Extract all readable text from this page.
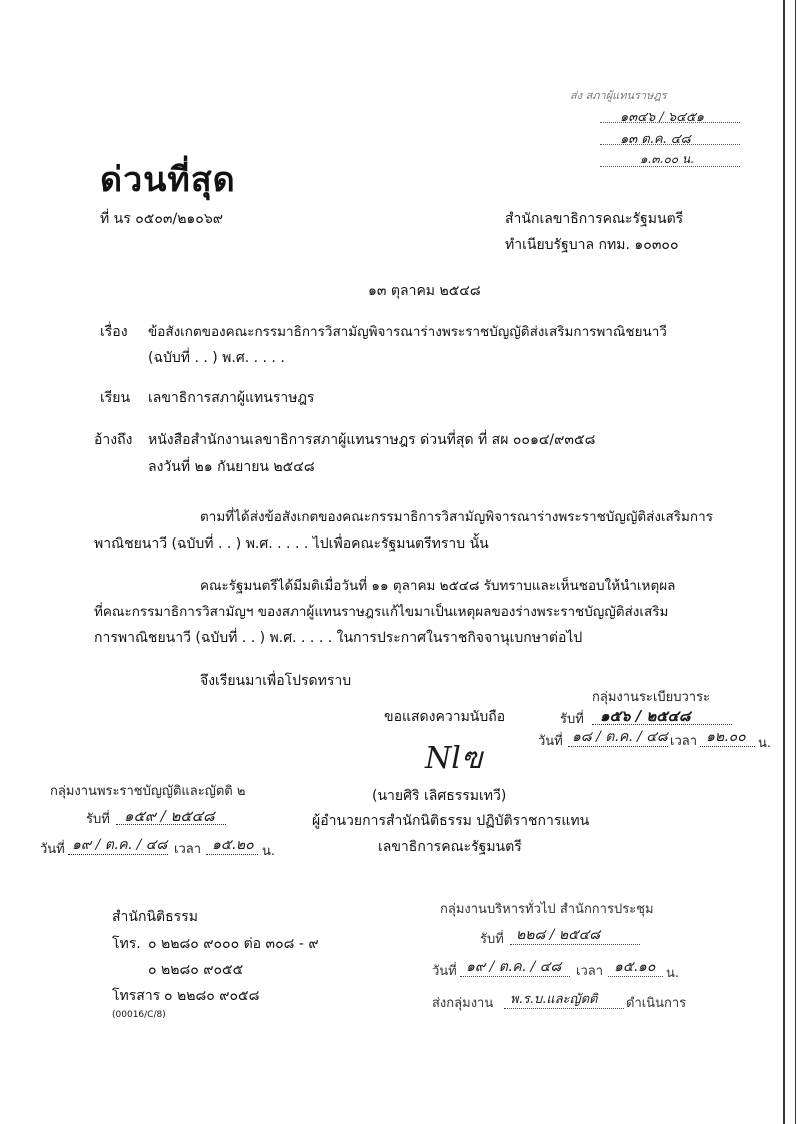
ส่ง สภาผู้แทนราษฎร
๑๓๔๖ / ๖๔๕๑
๑๓ ต.ค. ๔๘
๑.๓.๐๐ น.
ด่วนที่สุด
ที่ นร ๐๕๐๓/๒๑๐๖๙	สำนักเลขาธิการคณะรัฐมนตรี
ทำเนียบรัฐบาล กทม. ๑๐๓๐๐
๑๓ ตุลาคม ๒๕๔๘
เรื่อง ข้อสังเกตของคณะกรรมาธิการวิสามัญพิจารณาร่างพระราชบัญญัติส่งเสริมการพาณิชยนาวี
(ฉบับที่ . . ) พ.ศ. . . . .
เรียน เลขาธิการสภาผู้แทนราษฎร
อ้างถึง หนังสือสำนักงานเลขาธิการสภาผู้แทนราษฎร ด่วนที่สุด ที่ สผ ๐๐๑๔/๙๓๕๘
ลงวันที่ ๒๑ กันยายน ๒๕๔๘
ตามที่ได้ส่งข้อสังเกตของคณะกรรมาธิการวิสามัญพิจารณาร่างพระราชบัญญัติส่งเสริมการ
พาณิชยนาวี (ฉบับที่ . . ) พ.ศ. . . . . ไปเพื่อคณะรัฐมนตรีทราบ นั้น
คณะรัฐมนตรีได้มีมติเมื่อวันที่ ๑๑ ตุลาคม ๒๕๔๘ รับทราบและเห็นชอบให้นำเหตุผล
ที่คณะกรรมาธิการวิสามัญฯ ของสภาผู้แทนราษฎรแก้ไขมาเป็นเหตุผลของร่างพระราชบัญญัติส่งเสริม
การพาณิชยนาวี (ฉบับที่ . . ) พ.ศ. . . . . ในการประกาศในราชกิจจานุเบกษาต่อไป
จึงเรียนมาเพื่อโปรดทราบ
ขอแสดงความนับถือ
Nlฃ
(นายศิริ เลิศธรรมเทวี)
ผู้อำนวยการสำนักนิติธรรม ปฏิบัติราชการแทน
เลขาธิการคณะรัฐมนตรี
กลุ่มงานระเบียบวาระ
รับที่ ๑๕๖ / ๒๕๔๘
วันที่ ๑๘ / ต.ค. / ๔๘ เวลา ๑๒.๐๐ น.
กลุ่มงานพระราชบัญญัติและญัตติ ๒
รับที่ ๑๕๙ / ๒๕๔๘
วันที่ ๑๙ / ต.ค. / ๔๘ เวลา ๑๕.๒๐ น.
กลุ่มงานบริหารทั่วไป สำนักการประชุม
รับที่ ๒๒๘ / ๒๕๔๘
วันที่ ๑๙ / ต.ค. / ๔๘ เวลา ๑๕.๑๐ น.
ส่งกลุ่มงาน พ.ร.บ.และญัตติ ดำเนินการ
สำนักนิติธรรม
โทร. ๐ ๒๒๘๐ ๙๐๐๐ ต่อ ๓๐๘ - ๙
๐ ๒๒๘๐ ๙๐๕๕
โทรสาร ๐ ๒๒๘๐ ๙๐๕๘
(00016/C/8)
